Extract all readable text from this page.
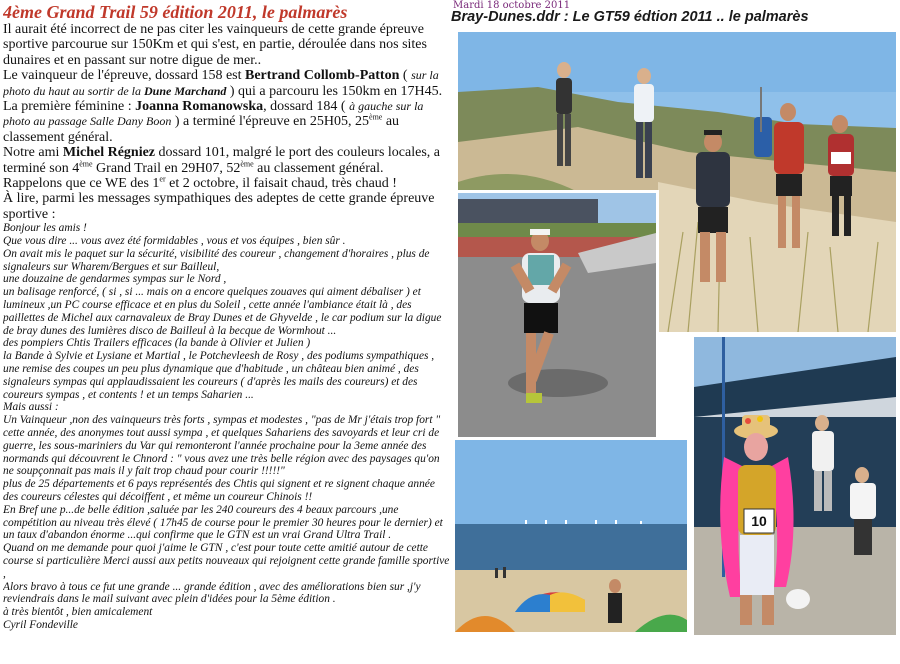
4ème Grand Trail 59 édition 2011, le palmarès

Il aurait été incorrect de ne pas citer les vainqueurs de cette grande épreuve sportive parcourue sur 150Km et qui s'est, en partie, déroulée dans nos sites dunaires et en passant sur notre digue de mer..

Le vainqueur de l'épreuve, dossard 158 est Bertrand Collomb-Patton ( sur la photo du haut au sortir de la Dune Marchand ) qui a parcouru les 150km en 17H45.

La première féminine : Joanna Romanowska, dossard 184 ( à gauche sur la photo au passage Salle Dany Boon ) a terminé l'épreuve en 25H05, 25ème au classement général.

Notre ami Michel Régniez dossard 101, malgré le port des couleurs locales, a terminé son 4ème Grand Trail en 29H07, 52ème au classement général.

Rappelons que ce WE des 1er et 2 octobre, il faisait chaud, très chaud !

À lire, parmi les messages sympathiques des adeptes de cette grande épreuve sportive :

Bonjour les amis !

Que vous dire ... vous avez été formidables , vous et vos équipes , bien sûr .

On avait mis le paquet sur la sécurité, visibilité des coureur , changement d'horaires , plus de signaleurs sur Wharem/Bergues et sur Bailleul,

une douzaine de gendarmes sympas sur le Nord ,

un balisage renforcé, ( si , si ... mais on a encore quelques zouaves qui aiment débaliser ) et lumineux ,un PC course efficace et en plus du Soleil , cette année l'ambiance était là , des paillettes de Michel aux carnavaleux de Bray Dunes et de Ghyvelde , le car podium sur la digue de bray dunes des lumières disco de Bailleul à la becque de Wormhout ...

des pompiers Chtis Trailers efficaces (la bande à Olivier et Julien )

la Bande à Sylvie et Lysiane et Martial , le Potchevleesh de Rosy , des podiums sympathiques , une remise des coupes un peu plus dynamique que d'habitude , un château bien animé , des signaleurs sympas qui applaudissaient les coureurs ( d'après les mails des coureurs) et des coureurs sympas , et contents ! et un temps Saharien ...

Mais aussi :

Un Vainqueur ,non des vainqueurs très forts , sympas et modestes , "pas de Mr j'étais trop fort " cette année, des anonymes tout aussi sympa , et quelques Sahariens des savoyards et leur cri de guerre, les sous-mariniers du Var qui remonteront l'année prochaine pour la 3eme année des normands qui découvrent le Chnord : " vous avez une très belle région avec des paysages qu'on ne soupçonnait pas mais il y fait trop chaud pour courir !!!!!"

plus de 25 départements et 6 pays représentés des Chtis qui signent et re signent chaque année des coureurs célestes qui décoiffent , et même un coureur Chinois !!

En Bref une p...de belle édition ,saluée par les 240 coureurs des 4 beaux parcours ,une compétition au niveau très élevé ( 17h45 de course pour le premier 30 heures pour le dernier) et un taux d'abandon énorme ...qui confirme que le GTN est un vrai Grand Ultra Trail .

Quand on me demande pour quoi j'aime le GTN , c'est pour toute cette amitié autour de cette course si particulière Merci aussi aux petits nouveaux qui rejoignent cette grande famille sportive ,

Alors bravo à tous ce fut une grande ... grande édition , avec des améliorations bien sur ,j'y reviendrais dans le mail suivant avec plein d'idées pour la 5ème édition .

à très bientôt , bien amicalement

Cyril Fondeville

Mardi 18 octobre 2011
Bray-Dunes.ddr : Le GT59 édtion 2011 .. le palmarès
10
